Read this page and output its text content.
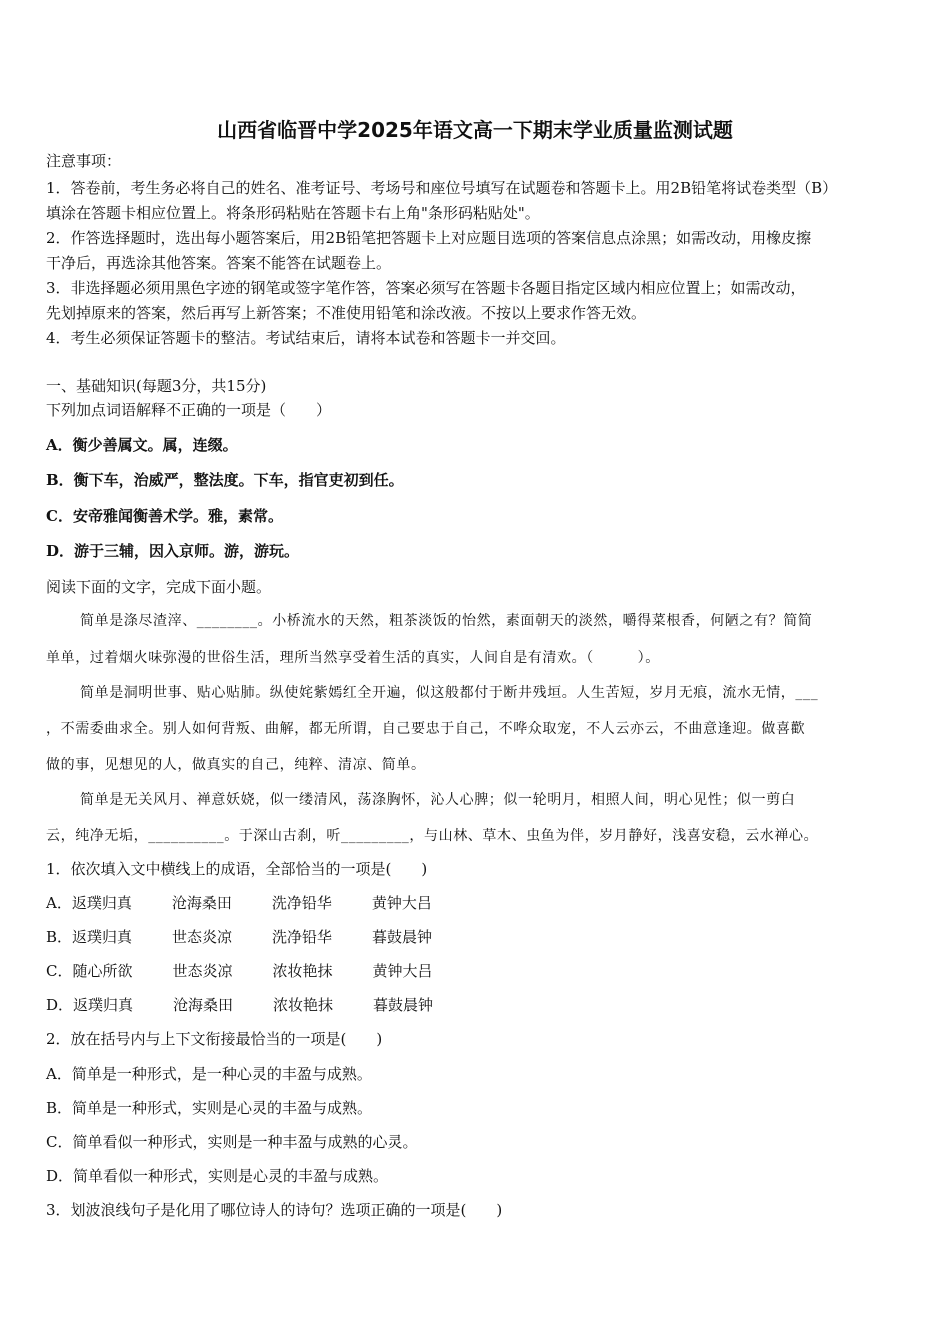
山西省临晋中学2025年语文高一下期末学业质量监测试题
注意事项：
1．答卷前，考生务必将自己的姓名、准考证号、考场号和座位号填写在试题卷和答题卡上。用2B铅笔将试卷类型（B）
填涂在答题卡相应位置上。将条形码粘贴在答题卡右上角"条形码粘贴处"。
2．作答选择题时，选出每小题答案后，用2B铅笔把答题卡上对应题目选项的答案信息点涂黑；如需改动，用橡皮擦
干净后，再选涂其他答案。答案不能答在试题卷上。
3．非选择题必须用黑色字迹的钢笔或签字笔作答，答案必须写在答题卡各题目指定区域内相应位置上；如需改动，
先划掉原来的答案，然后再写上新答案；不准使用铅笔和涂改液。不按以上要求作答无效。
4．考生必须保证答题卡的整洁。考试结束后，请将本试卷和答题卡一并交回。
一、基础知识(每题3分，共15分)
下列加点词语解释不正确的一项是（　　）
A．衡少善属文。属，连缀。
B．衡下车，治威严，整法度。下车，指官吏初到任。
C．安帝雅闻衡善术学。雅，素常。
D．游于三辅，因入京师。游，游玩。
阅读下面的文字，完成下面小题。
简单是涤尽渣滓、________。小桥流水的天然，粗茶淡饭的怡然，素面朝天的淡然，嚼得菜根香，何陋之有？简简
单单，过着烟火味弥漫的世俗生活，理所当然享受着生活的真实，人间自是有清欢。（　　　）。
简单是洞明世事、贴心贴肺。纵使姹紫嫣红全开遍，似这般都付于断井残垣。人生苦短，岁月无痕，流水无情，___
，不需委曲求全。别人如何背叛、曲解，都无所谓，自己要忠于自己，不哗众取宠，不人云亦云，不曲意逢迎。做喜歡
做的事，见想见的人，做真实的自己，纯粹、清凉、简单。
简单是无关风月、禅意妖娆，似一缕清风，荡涤胸怀，沁人心脾；似一轮明月，相照人间，明心见性；似一剪白
云，纯净无垢，__________。于深山古刹，听_________，与山林、草木、虫鱼为伴，岁月静好，浅喜安稳，云水禅心。
1．依次填入文中横线上的成语，全部恰当的一项是(　　)
A．返璞归真	沧海桑田	洗净铅华	黄钟大吕
B．返璞归真	世态炎凉	洗净铅华	暮鼓晨钟
C．随心所欲	世态炎凉	浓妆艳抹	黄钟大吕
D．返璞归真	沧海桑田	浓妆艳抹	暮鼓晨钟
2．放在括号内与上下文衔接最恰当的一项是(　　)
A．简单是一种形式，是一种心灵的丰盈与成熟。
B．简单是一种形式，实则是心灵的丰盈与成熟。
C．简单看似一种形式，实则是一种丰盈与成熟的心灵。
D．简单看似一种形式，实则是心灵的丰盈与成熟。
3．划波浪线句子是化用了哪位诗人的诗句？选项正确的一项是(　　)
